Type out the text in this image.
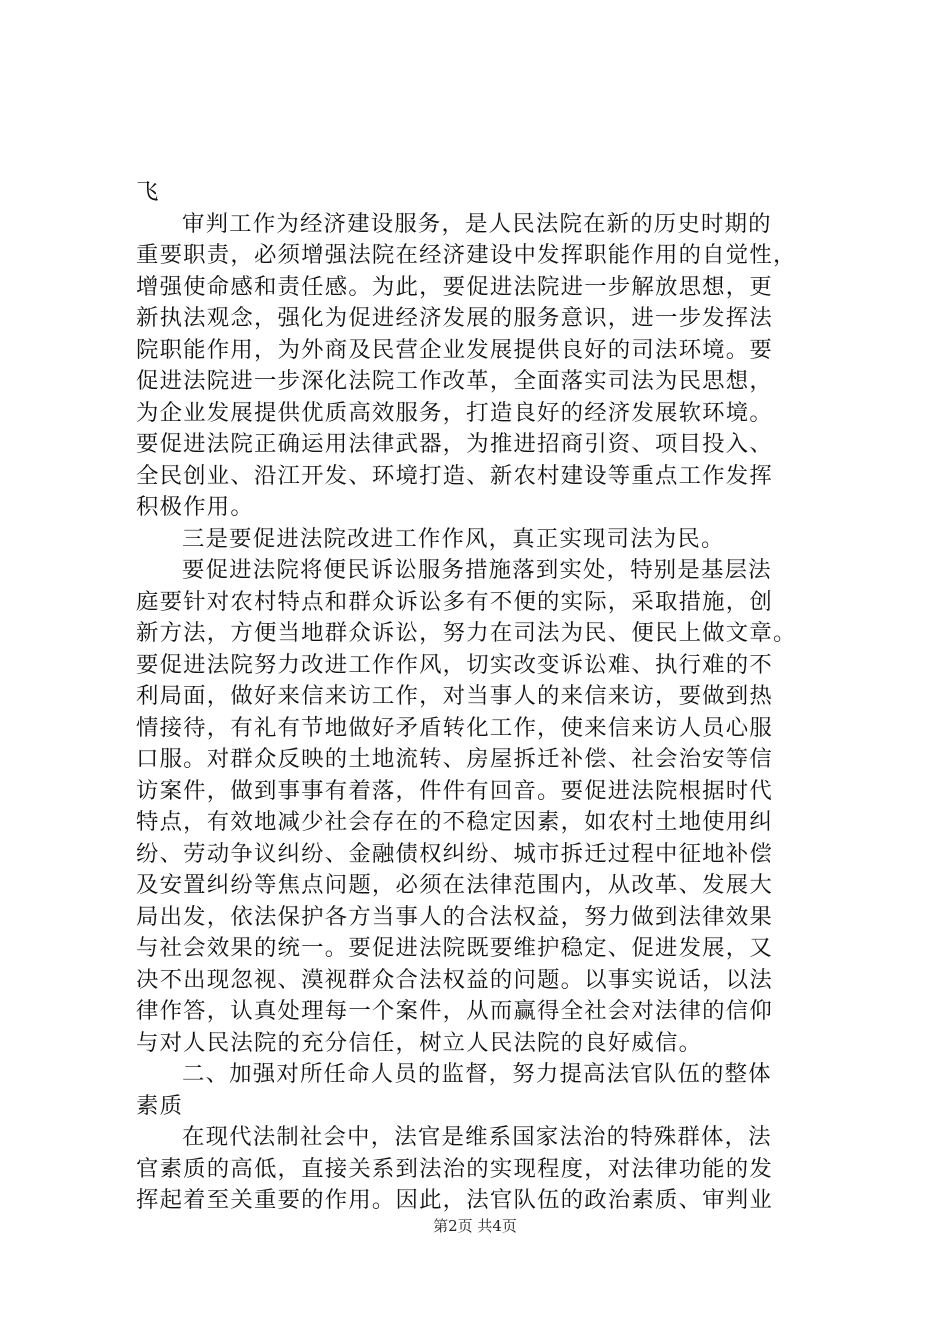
飞
审判工作为经济建设服务，是人民法院在新的历史时期的
重要职责，必须增强法院在经济建设中发挥职能作用的自觉性，
增强使命感和责任感。为此，要促进法院进一步解放思想，更
新执法观念，强化为促进经济发展的服务意识，进一步发挥法
院职能作用，为外商及民营企业发展提供良好的司法环境。要
促进法院进一步深化法院工作改革，全面落实司法为民思想，
为企业发展提供优质高效服务，打造良好的经济发展软环境。
要促进法院正确运用法律武器，为推进招商引资、项目投入、
全民创业、沿江开发、环境打造、新农村建设等重点工作发挥
积极作用。
三是要促进法院改进工作作风，真正实现司法为民。
要促进法院将便民诉讼服务措施落到实处，特别是基层法
庭要针对农村特点和群众诉讼多有不便的实际，采取措施，创
新方法，方便当地群众诉讼，努力在司法为民、便民上做文章。
要促进法院努力改进工作作风，切实改变诉讼难、执行难的不
利局面，做好来信来访工作，对当事人的来信来访，要做到热
情接待，有礼有节地做好矛盾转化工作，使来信来访人员心服
口服。对群众反映的土地流转、房屋拆迁补偿、社会治安等信
访案件，做到事事有着落，件件有回音。要促进法院根据时代
特点，有效地减少社会存在的不稳定因素，如农村土地使用纠
纷、劳动争议纠纷、金融债权纠纷、城市拆迁过程中征地补偿
及安置纠纷等焦点问题，必须在法律范围内，从改革、发展大
局出发，依法保护各方当事人的合法权益，努力做到法律效果
与社会效果的统一。要促进法院既要维护稳定、促进发展，又
决不出现忽视、漠视群众合法权益的问题。以事实说话，以法
律作答，认真处理每一个案件，从而赢得全社会对法律的信仰
与对人民法院的充分信任，树立人民法院的良好威信。
二、加强对所任命人员的监督，努力提高法官队伍的整体
素质
在现代法制社会中，法官是维系国家法治的特殊群体，法
官素质的高低，直接关系到法治的实现程度，对法律功能的发
挥起着至关重要的作用。因此，法官队伍的政治素质、审判业
第2页 共4页
